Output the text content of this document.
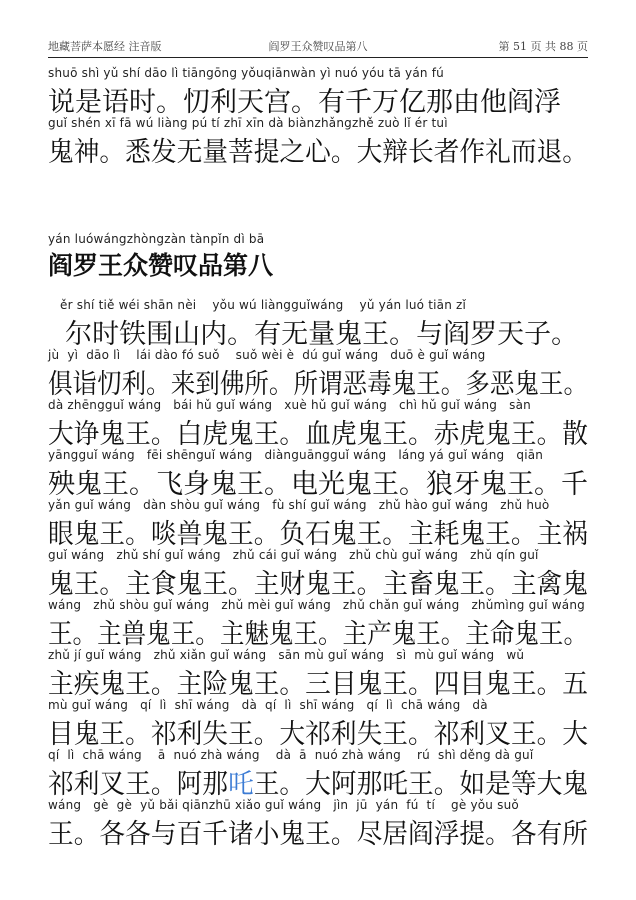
地藏菩萨本愿经 注音版	阎罗王众赞叹品第八	第 51 页 共 88 页
shuō shì yǔ shí dāo lì tiāngōng yǒuqiānwàn yì nuó yóu tā yán fú
说是语时。忉利天宫。有千万亿那由他阎浮
guǐ shén xī fā wú liàng pú tí zhī xīn dà biànzhǎngzhě zuò lǐ ér tuì
鬼神。悉发无量菩提之心。大辩长者作礼而退。
yán luówángzhòngzàn tànpǐn dì bā
阎罗王众赞叹品第八
ěr shí tiě wéi shān nèi    yǒu wú liàngguǐwáng    yǔ yán luó tiān zǐ
尔时铁围山内。有无量鬼王。与阎罗天子。
jù  yì  dāo lì    lái dào fó suǒ    suǒ wèi è  dú guǐ wáng   duō è guǐ wáng
俱诣忉利。来到佛所。所谓恶毒鬼王。多恶鬼王。
dà zhēngguǐ wáng   bái hǔ guǐ wáng   xuè hǔ guǐ wáng   chì hǔ guǐ wáng   sàn
大诤鬼王。白虎鬼王。血虎鬼王。赤虎鬼王。散
yāngguǐ wáng   fēi shēnguǐ wáng   diànguāngguǐ wáng   láng yá guǐ wáng   qiān
殃鬼王。飞身鬼王。电光鬼王。狼牙鬼王。千
yǎn guǐ wáng   dàn shòu guǐ wáng   fù shí guǐ wáng   zhǔ hào guǐ wáng   zhǔ huò
眼鬼王。啖兽鬼王。负石鬼王。主耗鬼王。主祸
guǐ wáng   zhǔ shí guǐ wáng   zhǔ cái guǐ wáng   zhǔ chù guǐ wáng   zhǔ qín guǐ
鬼王。主食鬼王。主财鬼王。主畜鬼王。主禽鬼
wáng   zhǔ shòu guǐ wáng   zhǔ mèi guǐ wáng   zhǔ chǎn guǐ wáng   zhǔmìng guǐ wáng
王。主兽鬼王。主魅鬼王。主产鬼王。主命鬼王。
zhǔ jí guǐ wáng   zhǔ xiǎn guǐ wáng   sān mù guǐ wáng   sì  mù guǐ wáng   wǔ
主疾鬼王。主险鬼王。三目鬼王。四目鬼王。五
mù guǐ wáng   qí  lì  shī wáng   dà  qí  lì  shī wáng   qí  lì  chā wáng   dà
目鬼王。祁利失王。大祁利失王。祁利叉王。大
qí  lì  chā wáng    ā  nuó zhà wáng    dà  ā  nuó zhà wáng    rú  shì děng dà guǐ
祁利叉王。阿那吒王。大阿那吒王。如是等大鬼
wáng   gè  gè  yǔ bǎi qiānzhū xiǎo guǐ wáng   jìn  jū  yán  fú  tí    gè yǒu suǒ
王。各各与百千诸小鬼王。尽居阎浮提。各有所
